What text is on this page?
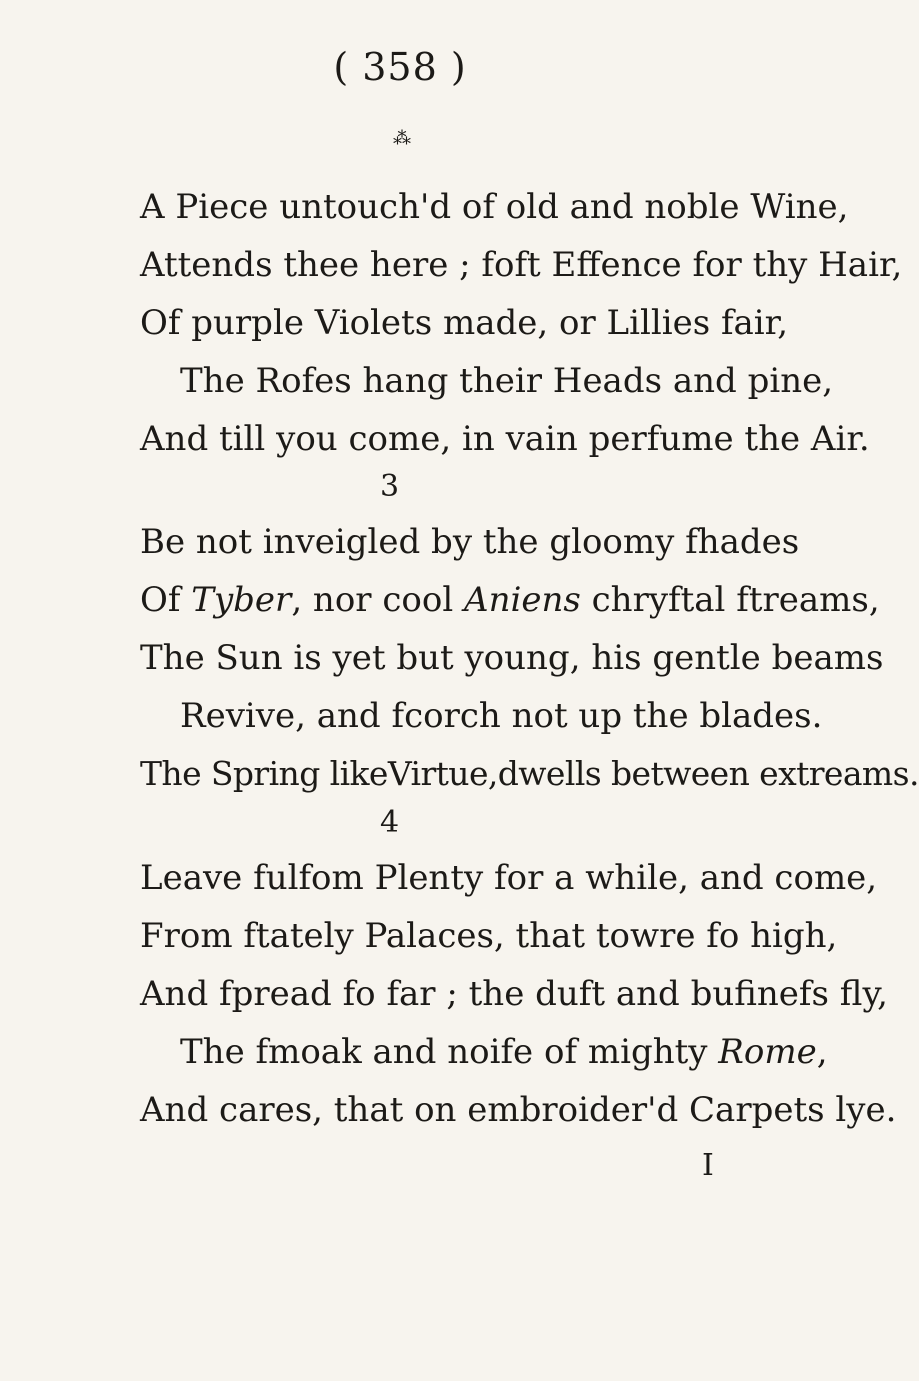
( 358 )
⁂
A Piece untouch'd of old and noble Wine,
Attends thee here ; foft Effence for thy Hair,
Of purple Violets made, or Lillies fair,
The Rofes hang their Heads and pine,
And till you come, in vain perfume the Air.
3
Be not inveigled by the gloomy fhades
Of Tyber, nor cool Aniens chryftal ftreams,
The Sun is yet but young, his gentle beams
Revive, and fcorch not up the blades.
The Spring likeVirtue,dwells between extreams.
4
Leave fulfom Plenty for a while, and come,
From ftately Palaces, that towre fo high,
And fpread fo far ; the duft and bufinefs fly,
The fmoak and noife of mighty Rome,
And cares, that on embroider'd Carpets lye.
I
